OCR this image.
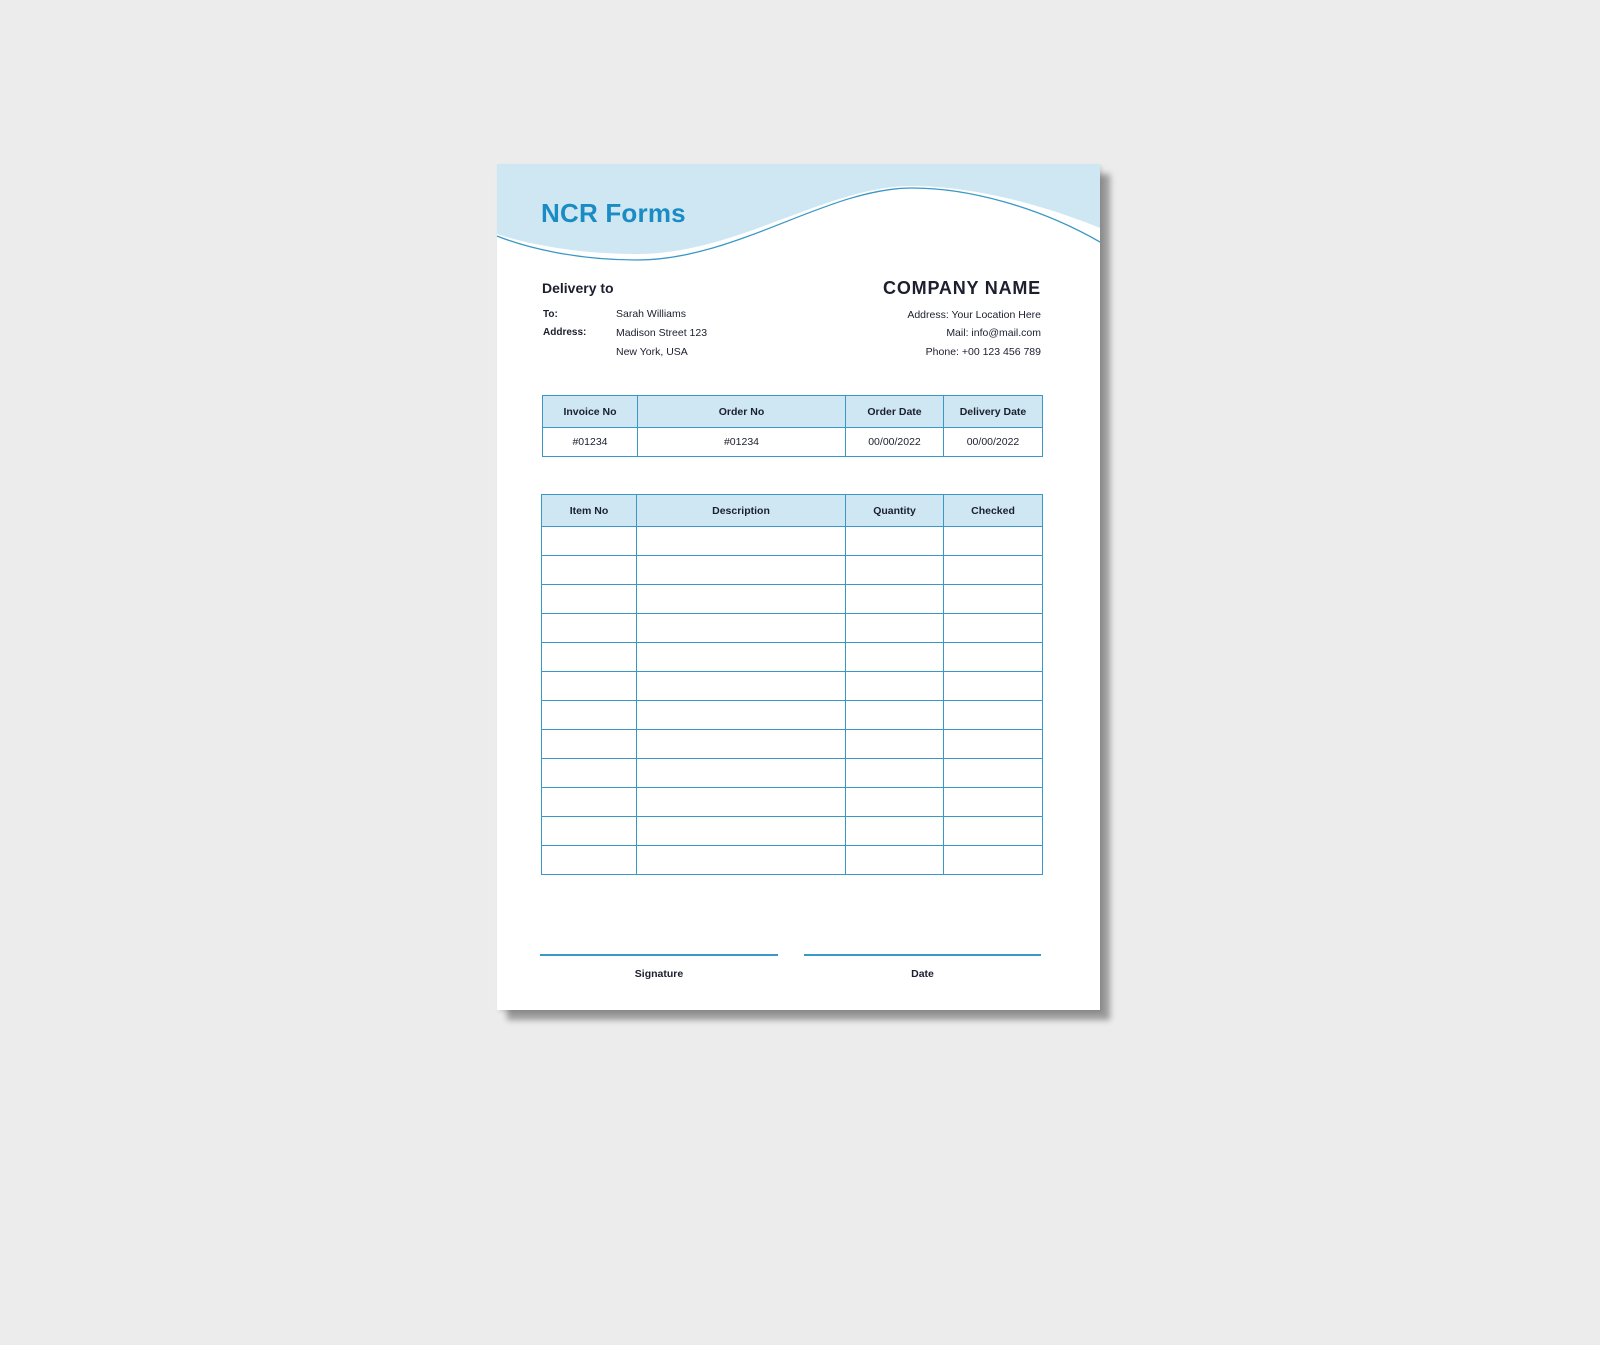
NCR Forms
Delivery to	COMPANY NAME
To:	Sarah Williams
Address:	Madison Street 123
New York, USA
Address: Your Location Here
Mail: info@mail.com
Phone: +00 123 456 789
Invoice No	Order No	Order Date	Delivery Date
#01234	#01234	00/00/2022	00/00/2022
Item No	Description	Quantity	Checked

Signature	Date
